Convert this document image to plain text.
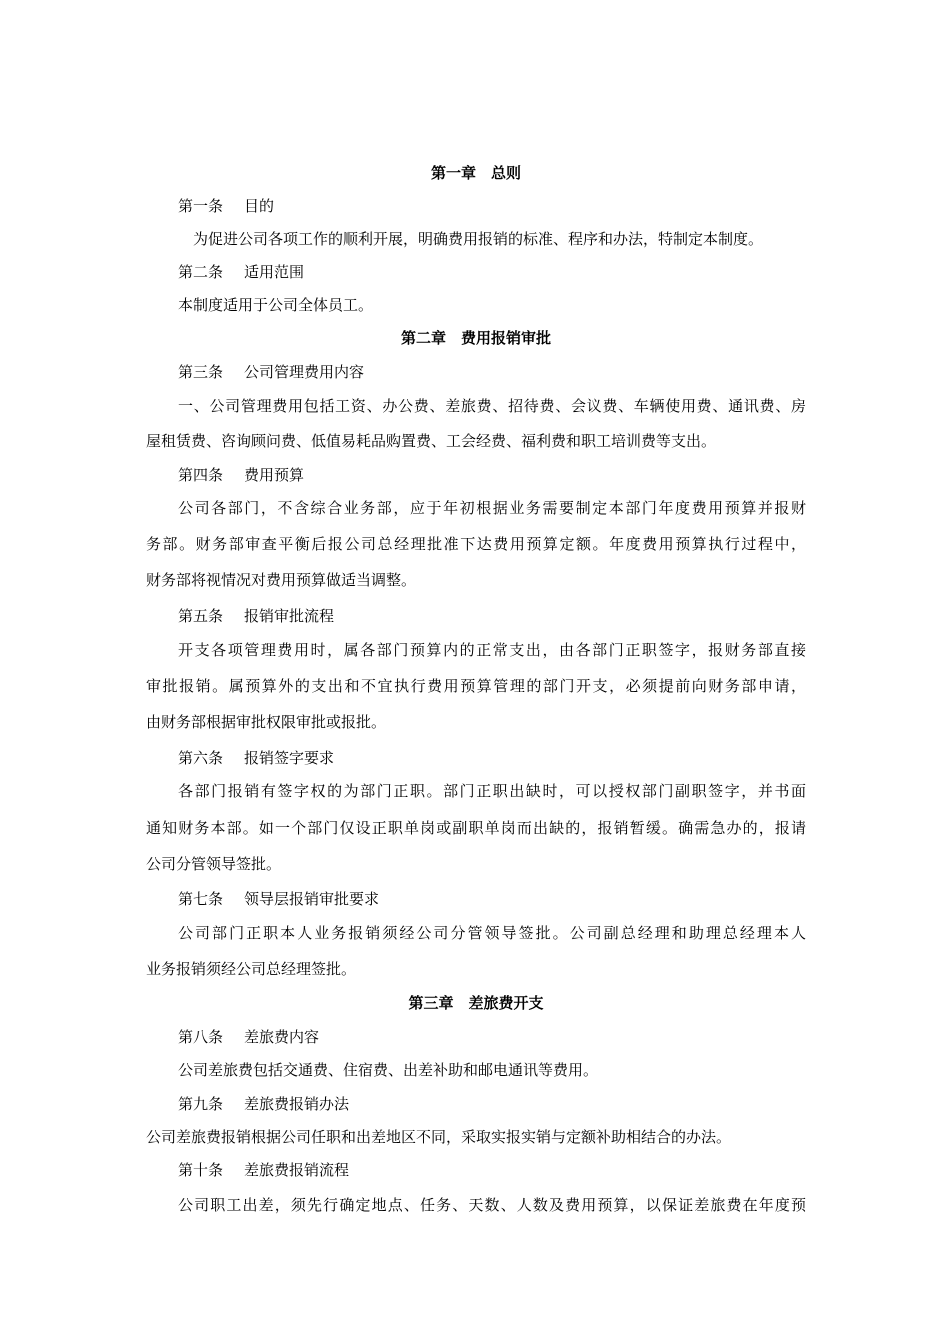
第一章　总则
第一条 目的
为促进公司各项工作的顺利开展，明确费用报销的标准、程序和办法，特制定本制度。
第二条 适用范围
本制度适用于公司全体员工。
第二章　费用报销审批
第三条 公司管理费用内容
一、公司管理费用包括工资、办公费、差旅费、招待费、会议费、车辆使用费、通讯费、房
屋租赁费、咨询顾问费、低值易耗品购置费、工会经费、福利费和职工培训费等支出。
第四条 费用预算
公司各部门，不含综合业务部，应于年初根据业务需要制定本部门年度费用预算并报财
务部。财务部审查平衡后报公司总经理批准下达费用预算定额。年度费用预算执行过程中，
财务部将视情况对费用预算做适当调整。
第五条 报销审批流程
开支各项管理费用时，属各部门预算内的正常支出，由各部门正职签字，报财务部直接
审批报销。属预算外的支出和不宜执行费用预算管理的部门开支，必须提前向财务部申请，
由财务部根据审批权限审批或报批。
第六条 报销签字要求
各部门报销有签字权的为部门正职。部门正职出缺时，可以授权部门副职签字，并书面
通知财务本部。如一个部门仅设正职单岗或副职单岗而出缺的，报销暂缓。确需急办的，报请
公司分管领导签批。
第七条 领导层报销审批要求
公司部门正职本人业务报销须经公司分管领导签批。公司副总经理和助理总经理本人
业务报销须经公司总经理签批。
第三章　差旅费开支
第八条 差旅费内容
公司差旅费包括交通费、住宿费、出差补助和邮电通讯等费用。
第九条 差旅费报销办法
公司差旅费报销根据公司任职和出差地区不同，采取实报实销与定额补助相结合的办法。
第十条 差旅费报销流程
公司职工出差，须先行确定地点、任务、天数、人数及费用预算，以保证差旅费在年度预
